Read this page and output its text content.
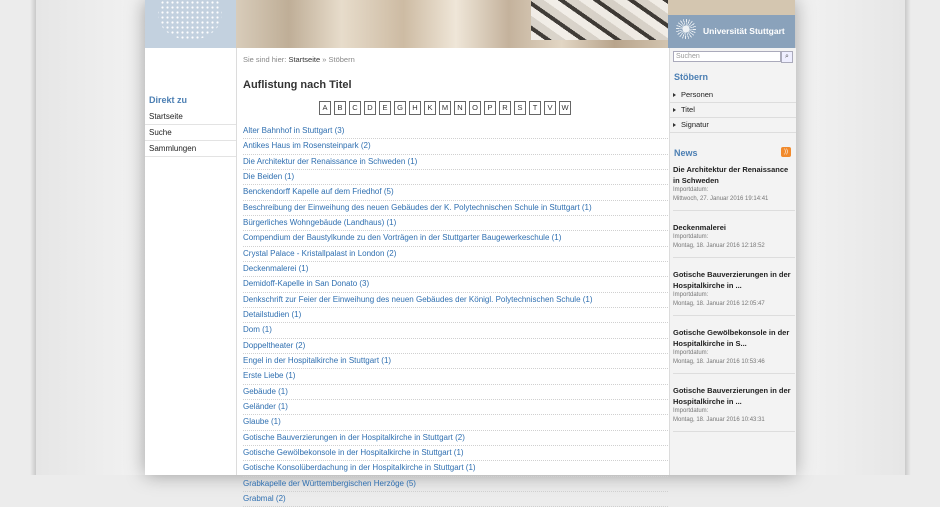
Universität Stuttgart
Direkt zu
Startseite
Suche
Sammlungen
Sie sind hier: Startseite » Stöbern
Auflistung nach Titel
A	B	C	D	E	G	H	K	M	N	O	P	R	S	T	V	W
Alter Bahnhof in Stuttgart (3)
Antikes Haus im Rosensteinpark (2)
Die Architektur der Renaissance in Schweden (1)
Die Beiden (1)
Benckendorff Kapelle auf dem Friedhof (5)
Beschreibung der Einweihung des neuen Gebäudes der K. Polytechnischen Schule in Stuttgart (1)
Bürgerliches Wohngebäude (Landhaus) (1)
Compendium der Baustylkunde zu den Vorträgen in der Stuttgarter Baugewerkeschule (1)
Crystal Palace - Kristallpalast in London (2)
Deckenmalerei (1)
Demidoff-Kapelle in San Donato (3)
Denkschrift zur Feier der Einweihung des neuen Gebäudes der Königl. Polytechnischen Schule (1)
Detailstudien (1)
Dom (1)
Doppeltheater (2)
Engel in der Hospitalkirche in Stuttgart (1)
Erste Liebe (1)
Gebäude (1)
Geländer (1)
Glaube (1)
Gotische Bauverzierungen in der Hospitalkirche in Stuttgart (2)
Gotische Gewölbekonsole in der Hospitalkirche in Stuttgart (1)
Gotische Konsolüberdachung in der Hospitalkirche in Stuttgart (1)
Grabkapelle der Württembergischen Herzöge (5)
Grabmal (2)
Suchen	⌕
Stöbern
Personen
Titel
Signatur
News	))
Die Architektur der Renaissance in Schweden
Importdatum:
Mittwoch, 27. Januar 2016 19:14:41
Deckenmalerei
Importdatum:
Montag, 18. Januar 2016 12:18:52
Gotische Bauverzierungen in der Hospitalkirche in ...
Importdatum:
Montag, 18. Januar 2016 12:05:47
Gotische Gewölbekonsole in der Hospitalkirche in S...
Importdatum:
Montag, 18. Januar 2016 10:53:46
Gotische Bauverzierungen in der Hospitalkirche in ...
Importdatum:
Montag, 18. Januar 2016 10:43:31
